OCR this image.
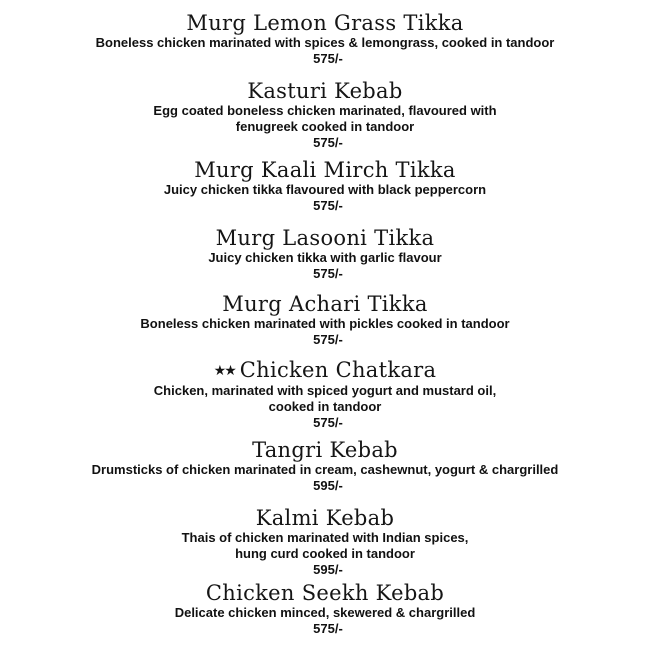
Murg Lemon Grass Tikka
Boneless chicken marinated with spices & lemongrass, cooked in tandoor
575/-
Kasturi Kebab
Egg coated boneless chicken marinated, flavoured with
fenugreek cooked in tandoor
575/-
Murg Kaali Mirch Tikka
Juicy chicken tikka flavoured with black peppercorn
575/-
Murg Lasooni Tikka
Juicy chicken tikka with garlic flavour
575/-
Murg Achari Tikka
Boneless chicken marinated with pickles cooked in tandoor
575/-
★★ Chicken Chatkara
Chicken, marinated with spiced yogurt and mustard oil,
cooked in tandoor
575/-
Tangri Kebab
Drumsticks of chicken marinated in cream, cashewnut, yogurt & chargrilled
595/-
Kalmi Kebab
Thais of chicken marinated with Indian spices,
hung curd cooked in tandoor
595/-
Chicken Seekh Kebab
Delicate chicken minced, skewered & chargrilled
575/-
